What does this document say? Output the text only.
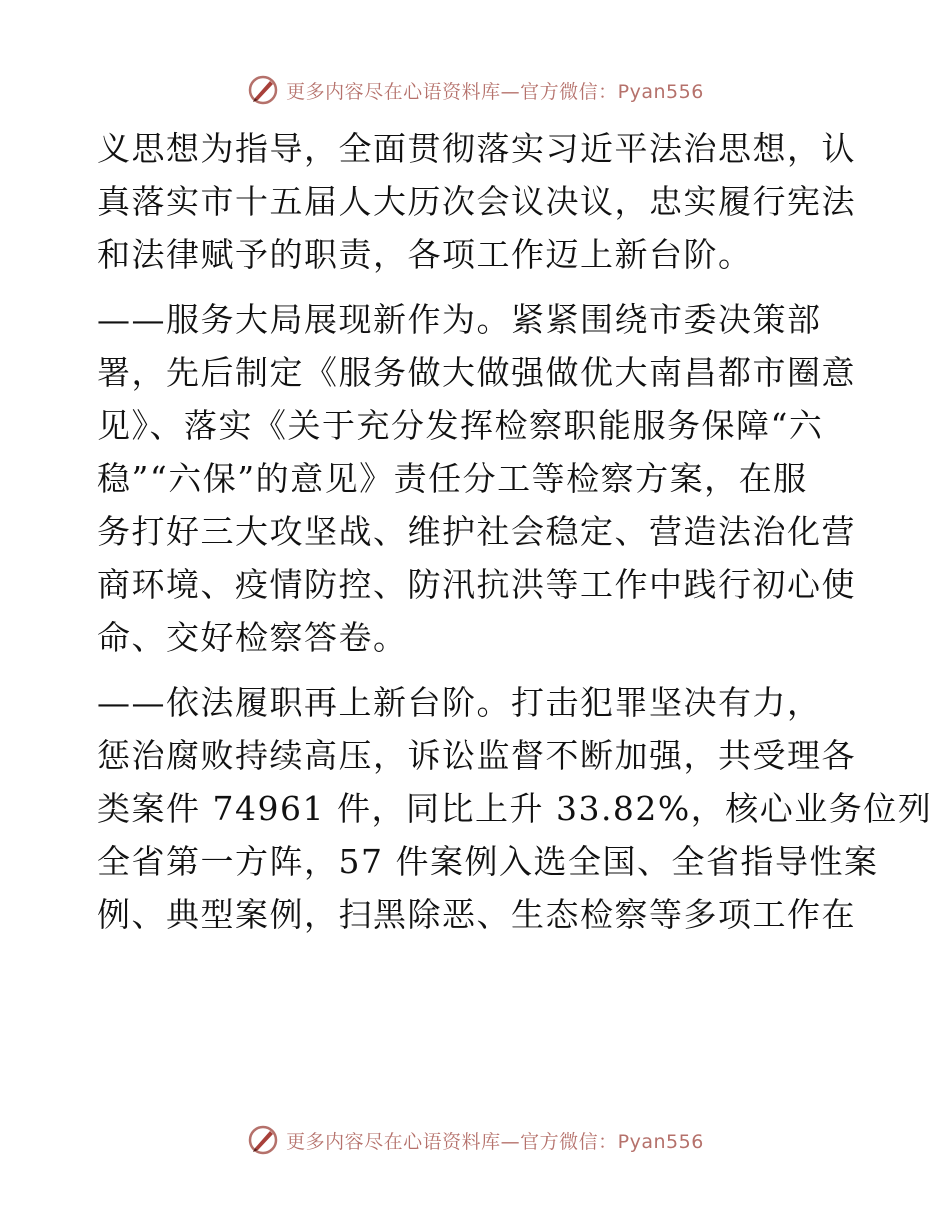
更多内容尽在心语资料库—官方微信：Pyan556

义思想为指导，全面贯彻落实习近平法治思想，认
真落实市十五届人大历次会议决议，忠实履行宪法
和法律赋予的职责，各项工作迈上新台阶。

——服务大局展现新作为。紧紧围绕市委决策部
署，先后制定《服务做大做强做优大南昌都市圈意
见》、落实《关于充分发挥检察职能服务保障“六
稳”“六保”的意见》责任分工等检察方案，在服
务打好三大攻坚战、维护社会稳定、营造法治化营
商环境、疫情防控、防汛抗洪等工作中践行初心使
命、交好检察答卷。

——依法履职再上新台阶。打击犯罪坚决有力，
惩治腐败持续高压，诉讼监督不断加强，共受理各
类案件 74961 件，同比上升 33.82%，核心业务位列
全省第一方阵，57 件案例入选全国、全省指导性案
例、典型案例，扫黑除恶、生态检察等多项工作在

更多内容尽在心语资料库—官方微信：Pyan556
